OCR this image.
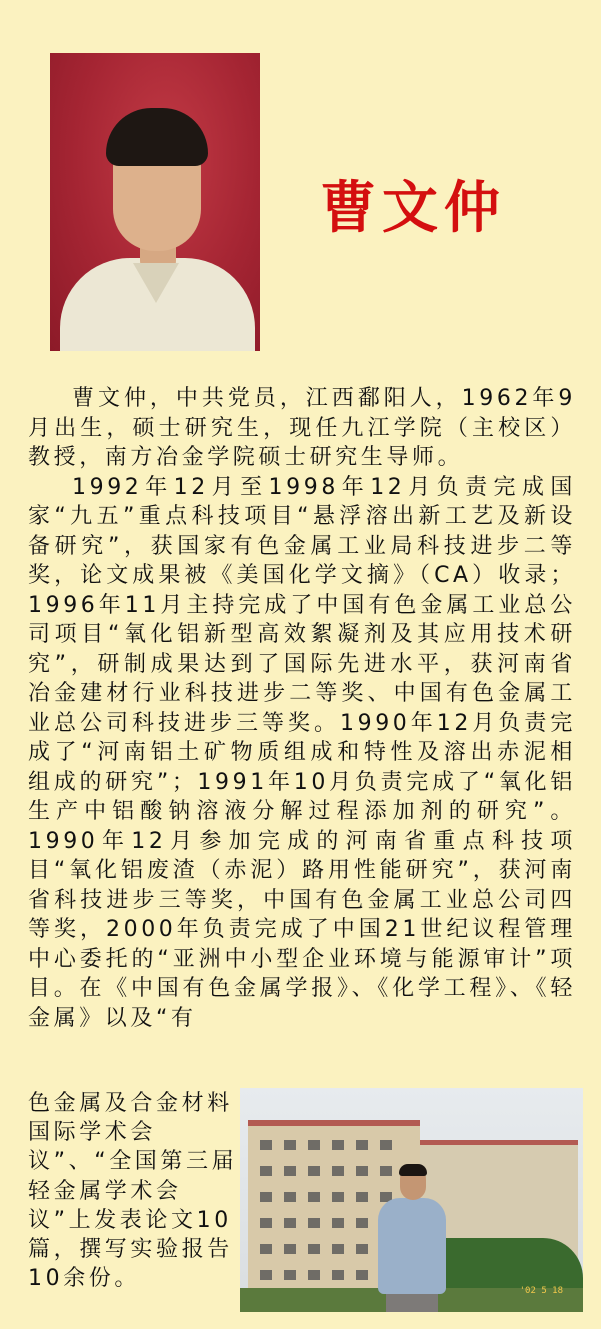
曹文仲

曹文仲，中共党员，江西鄱阳人，1962年9月出生，硕士研究生，现任九江学院（主校区）教授，南方冶金学院硕士研究生导师。

1992年12月至1998年12月负责完成国家“九五”重点科技项目“悬浮溶出新工艺及新设备研究”，获国家有色金属工业局科技进步二等奖，论文成果被《美国化学文摘》（CA）收录；1996年11月主持完成了中国有色金属工业总公司项目“氧化铝新型高效絮凝剂及其应用技术研究”，研制成果达到了国际先进水平，获河南省冶金建材行业科技进步二等奖、中国有色金属工业总公司科技进步三等奖。1990年12月负责完成了“河南铝土矿物质组成和特性及溶出赤泥相组成的研究”；1991年10月负责完成了“氧化铝生产中铝酸钠溶液分解过程添加剂的研究”。1990年12月参加完成的河南省重点科技项目“氧化铝废渣（赤泥）路用性能研究”，获河南省科技进步三等奖，中国有色金属工业总公司四等奖，2000年负责完成了中国21世纪议程管理中心委托的“亚洲中小型企业环境与能源审计”项目。在《中国有色金属学报》、《化学工程》、《轻金属》以及“有

色金属及合金材料国际学术会议”、“全国第三届轻金属学术会议”上发表论文10篇，撰写实验报告10余份。	'02 5 18
